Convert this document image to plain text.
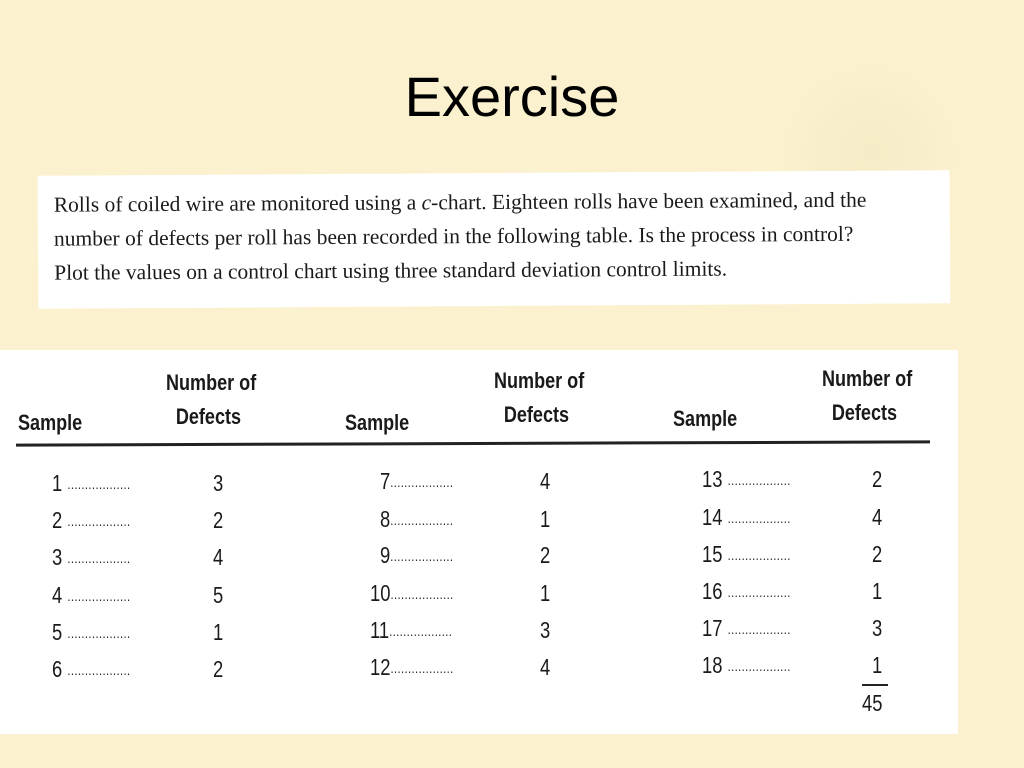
Exercise
Rolls of coiled wire are monitored using a c-chart. Eighteen rolls have been examined, and the
number of defects per roll has been recorded in the following table. Is the process in control?
Plot the values on a control chart using three standard deviation control limits.
Sample
Number of
Defects	Sample
Number of
Defects	Sample
Number of
Defects
1 ..................	3
2 ..................	2
3 ..................	4
4 ..................	5
5 ..................	1
6 ..................	2
7..................	4
8..................	1
9..................	2
10..................	1
11..................	3
12..................	4
13 ..................	2
14 ..................	4
15 ..................	2
16 ..................	1
17 ..................	3
18 ..................	1
45
